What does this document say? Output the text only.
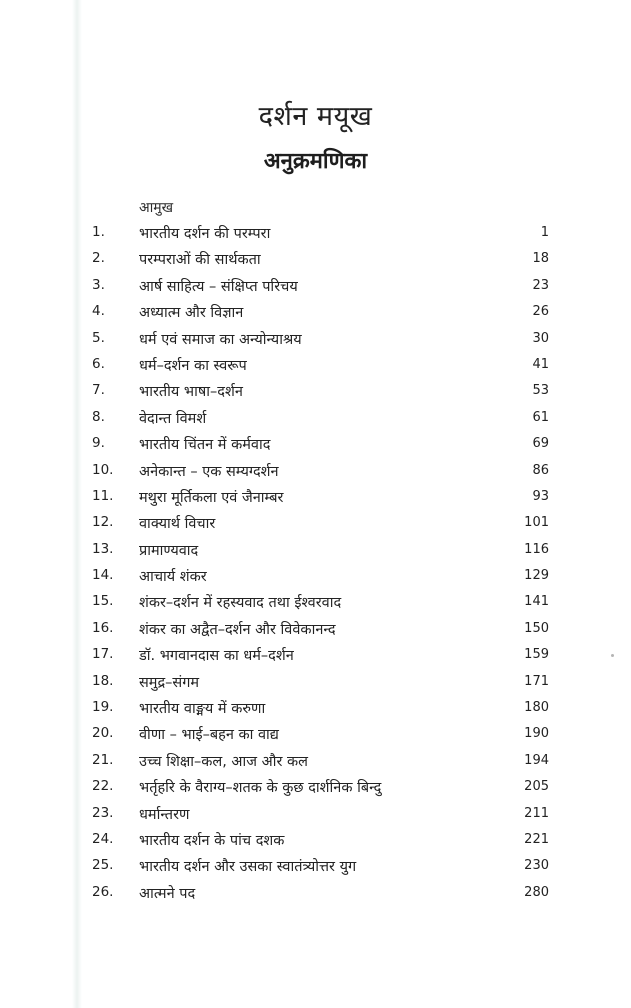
दर्शन मयूख
अनुक्रमणिका
आमुख
1.	भारतीय दर्शन की परम्परा	1
2.	परम्पराओं की सार्थकता	18
3.	आर्ष साहित्य – संक्षिप्त परिचय	23
4.	अध्यात्म और विज्ञान	26
5.	धर्म एवं समाज का अन्योन्याश्रय	30
6.	धर्म–दर्शन का स्वरूप	41
7.	भारतीय भाषा–दर्शन	53
8.	वेदान्त विमर्श	61
9.	भारतीय चिंतन में कर्मवाद	69
10.	अनेकान्त – एक सम्यग्दर्शन	86
11.	मथुरा मूर्तिकला एवं जैनाम्बर	93
12.	वाक्यार्थ विचार	101
13.	प्रामाण्यवाद	116
14.	आचार्य शंकर	129
15.	शंकर–दर्शन में रहस्यवाद तथा ईश्वरवाद	141
16.	शंकर का अद्वैत–दर्शन और विवेकानन्द	150
17.	डॉ. भगवानदास का धर्म–दर्शन	159
18.	समुद्र–संगम	171
19.	भारतीय वाङ्मय में करुणा	180
20.	वीणा – भाई–बहन का वाद्य	190
21.	उच्च शिक्षा–कल, आज और कल	194
22.	भर्तृहरि के वैराग्य–शतक के कुछ दार्शनिक बिन्दु	205
23.	धर्मान्तरण	211
24.	भारतीय दर्शन के पांच दशक	221
25.	भारतीय दर्शन और उसका स्वातंत्र्योत्तर युग	230
26.	आत्मने पद	280
